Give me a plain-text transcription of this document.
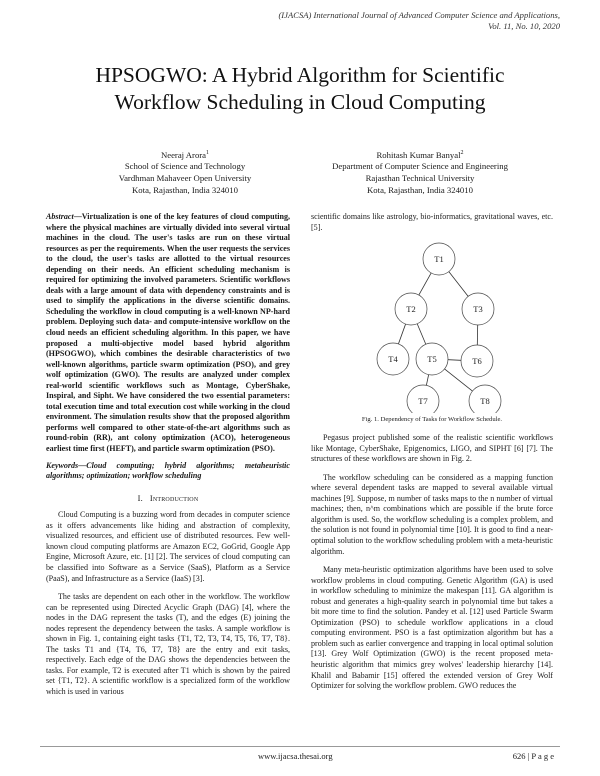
(IJACSA) International Journal of Advanced Computer Science and Applications,
Vol. 11, No. 10, 2020
HPSOGWO: A Hybrid Algorithm for Scientific
Workflow Scheduling in Cloud Computing
Neeraj Arora$^1$
School of Science and Technology
Vardhman Mahaveer Open University
Kota, Rajasthan, India 324010
Rohitash Kumar Banyal$^2$
Department of Computer Science and Engineering
Rajasthan Technical University
Kota, Rajasthan, India 324010

Abstract—Virtualization is one of the key features of cloud computing, where the physical machines are virtually divided into several virtual machines in the cloud. The user's tasks are run on these virtual resources as per the requirements. When the user requests the services to the cloud, the user's tasks are allotted to the virtual resources depending on their needs. An efficient scheduling mechanism is required for optimizing the involved parameters. Scientific workflows deals with a large amount of data with dependency constraints and is used to simplify the applications in the diverse scientific domains. Scheduling the workflow in cloud computing is a well-known NP-hard problem. Deploying such data- and compute-intensive workflow on the cloud needs an efficient scheduling algorithm. In this paper, we have proposed a multi-objective model based hybrid algorithm (HPSOGWO), which combines the desirable characteristics of two well-known algorithms, particle swarm optimization (PSO), and grey wolf optimization (GWO). The results are analyzed under complex real-world scientific workflows such as Montage, CyberShake, Inspiral, and Sipht. We have considered the two essential parameters: total execution time and total execution cost while working in the cloud environment. The simulation results show that the proposed algorithm performs well compared to other state-of-the-art algorithms such as round-robin (RR), ant colony optimization (ACO), heterogeneous earliest time first (HEFT), and particle swarm optimization (PSO).

Keywords—Cloud computing; hybrid algorithms; metaheuristic algorithms; optimization; workflow scheduling

I. Introduction

Cloud Computing is a buzzing word from decades in computer science as it offers advancements like hiding and abstraction of complexity, visualized resources, and efficient use of distributed resources. Few well-known cloud computing platforms are Amazon EC2, GoGrid, Google App Engine, Microsoft Azure, etc. [1] [2]. The services of cloud computing can be classified into Software as a Service (SaaS), Platform as a Service (PaaS), and Infrastructure as a Service (IaaS) [3].

The tasks are dependent on each other in the workflow. The workflow can be represented using Directed Acyclic Graph (DAG) [4], where the nodes in the DAG represent the tasks (T), and the edges (E) joining the nodes represent the dependency between the tasks. A sample workflow is shown in Fig. 1, containing eight tasks {T1, T2, T3, T4, T5, T6, T7, T8}. The tasks T1 and {T4, T6, T7, T8} are the entry and exit tasks, respectively. Each edge of the DAG shows the dependencies between the tasks. For example, T2 is executed after T1 which is shown by the paired set {T1, T2}. A scientific workflow is a specialized form of the workflow which is used in various

scientific domains like astrology, bio-informatics, gravitational waves, etc. [5].

T1
T2	T3
T4	T5	T6
T7	T8
Fig. 1. Dependency of Tasks for Workflow Schedule.

Pegasus project published some of the realistic scientific workflows like Montage, CyberShake, Epigenomics, LIGO, and SIPHT [6] [7]. The structures of these workflows are shown in Fig. 2.

The workflow scheduling can be considered as a mapping function where several dependent tasks are mapped to several available virtual machines [9]. Suppose, m number of tasks maps to the n number of virtual machines; then, n^m combinations which are possible if the brute force algorithm is used. So, the workflow scheduling is a complex problem, and the solution is not found in polynomial time [10]. It is good to find a near-optimal solution to the workflow scheduling problem with a meta-heuristic algorithm.

Many meta-heuristic optimization algorithms have been used to solve workflow problems in cloud computing. Genetic Algorithm (GA) is used in workflow scheduling to minimize the makespan [11]. GA algorithm is robust and generates a high-quality search in polynomial time but takes a bit more time to find the solution. Pandey et al. [12] used Particle Swarm Optimization (PSO) to schedule workflow applications in a cloud computing environment. PSO is a fast optimization algorithm but has a problem such as earlier convergence and trapping in local optimal solution [13]. Grey Wolf Optimization (GWO) is the recent proposed meta-heuristic algorithm that mimics grey wolves' leadership hierarchy [14]. Khalil and Babamir [15] offered the extended version of Grey Wolf Optimizer for solving the workflow problem. GWO reduces the

www.ijacsa.thesai.org	626 | P a g e
